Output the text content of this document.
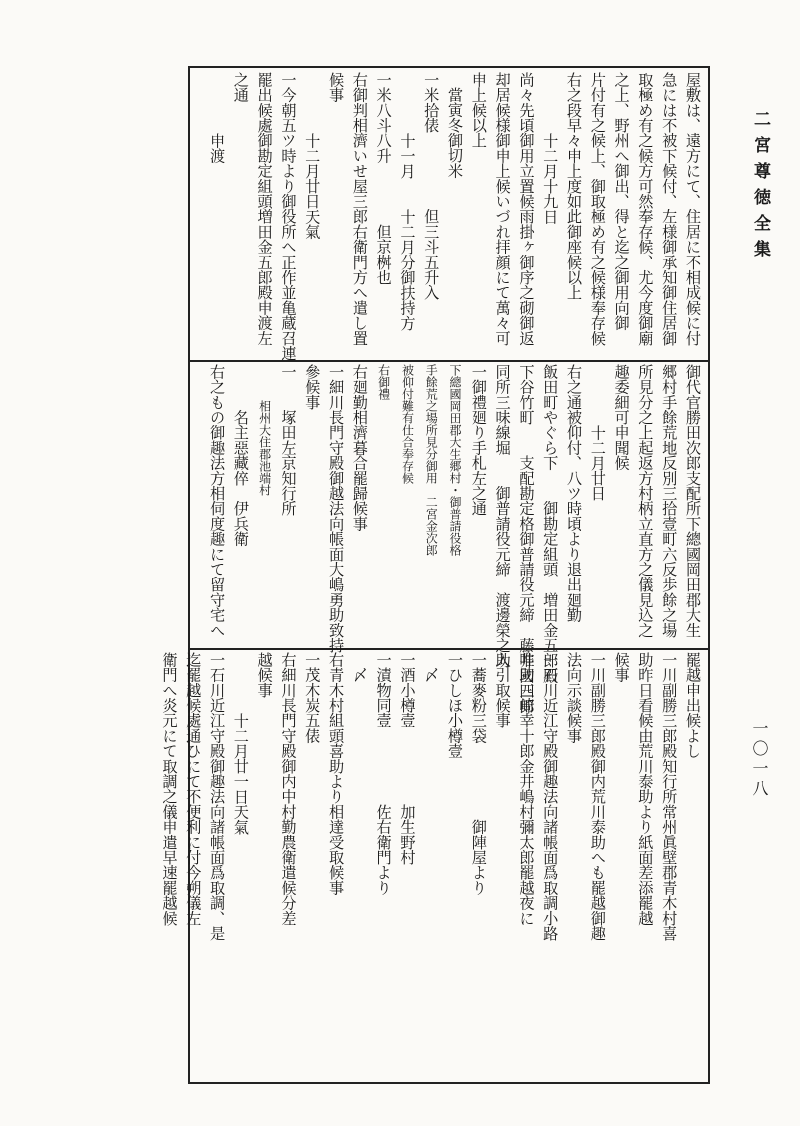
二宮尊徳全集
一〇一八
屋敷は、遠方にて、住居に不相成候に付
急には不被下候付、左様御承知御住居御
取極め有之候方可然奉存候、尤今度御廟
之上、野州へ御出、得と迄之御用向御
片付有之候上、御取極め有之候様奉存候
右之段早々申上度如此御座候以上
十二月十九日
尚々先頃御用立置候雨掛ヶ御序之砌御返
却居候様御申上候いづれ拝顔にて萬々可
申上候以上
當寅冬御切米
一米拾俵　　　　　但三斗五升入
十一月　　十二月分御扶持方
一米八斗八升　　　　但京桝也
右御判相濟いせ屋三郎右衛門方へ遣し置
候事
十二月廿日天氣
一今朝五ツ時より御役所へ正作並亀蔵召連
罷出候處御勘定組頭増田金五郎殿申渡左
之通
申渡
御代官勝田次郎支配所下總國岡田郡大生
郷村手餘荒地反別三拾壹町六反歩餘之場
所見分之上起返方村柄立直方之儀見込之
趣委細可申聞候
十二月廿日
右之通被仰付、八ツ時頃より退出廻勤
飯田町やぐら下　　御勘定組頭　増田金五郎殿
下谷竹町　　支配勘定格御普請役元締　藤井國四郎
同所三味線堀　　御普請役元締　渡邊榮之助
一御禮廻り手札左之通
下總國岡田郡大生郷村・御普請役格
手餘荒之場所見分御用　二宮金次郎
被仰付難有仕合奉存候
右御禮
右廻勤相濟暮合罷歸候事
一細川長門守殿御越法向帳面大嶋勇助致持
參候事
一　　塚田左京知行所
　　　相州大住郡池端村
　　　名主惡藏倅　伊兵衛
右之もの御趣法方相伺度趣にて留守宅へ
罷越申出候よし
一川副勝三郎殿知行所常州眞壁郡青木村喜
助昨日看候由荒川泰助より紙面差添罷越
候事
一川副勝三郎殿御内荒川泰助へも罷越御趣
法向示談候事
一石川近江守殿御趣法向諸帳面爲取調小路
唯助三崎幸十郎金井嶋村彌太郎罷越夜に
入引取候事
一蕎麥粉三袋　　　　　御陣屋より
一ひしほ小樽壹
〆
一酒小樽壹　　　　　加生野村
一漬物同壹　　　　　佐右衛門より
〆
右青木村組頭喜助より相達受取候事
一茂木炭五俵
右細川長門守殿御内中村勤農衛遣候分差
越候事
十二月廿一日天氣
一石川近江守殿御趣法向諸帳面爲取調、是
迄罷越候處通ひにて不便利に付今朔儀左
衛門へ炎元にて取調之儀申遣早速罷越候
